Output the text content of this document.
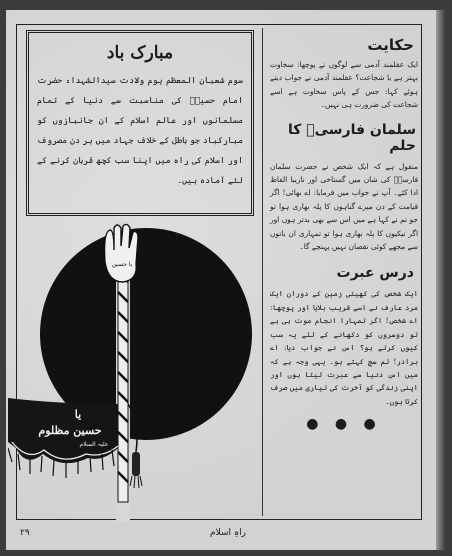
مبارک باد
سوم شعبان المعظم یوم ولادت سیدالشہداء حضرت امام حسینؑ کی مناسبت سے دنیا کے تمام مسلمانوں اور عالم اسلام کے ان جانبازوں کو مبارکباد جو باطل کے خلاف جہاد میں ہر دن مصروف اور اسلام کی راہ میں اپنا سب کچھ قربان کرنے کے لئے آمادہ ہیں۔
یا حسین
یا
حسین مظلوم
علیہ السلام
حکایت
ایک عقلمند آدمی سے لوگوں نے پوچھا: سخاوت بہتر ہے یا شجاعت؟ عقلمند آدمی نے جواب دیتے ہوئے کہا: جس کے پاس سخاوت ہے اسے شجاعت کی ضرورت ہی نہیں۔
سلمان فارسیؓ کا حلم
منقول ہے کہ ایک شخص نے حضرت سلمان فارسیؓ کی شان میں گستاخی اور نازیبا الفاظ ادا کئے۔ آپ نے جواب میں فرمایا: اے بھائی! اگر قیامت کے دن میرے گناہوں کا پلہ بھاری ہوا تو جو تم نے کہا ہے میں اس سے بھی بدتر ہوں اور اگر نیکیوں کا پلہ بھاری ہوا تو تمہاری ان باتوں سے مجھے کوئی نقصان نہیں پہنچے گا۔
درس عبرت
ایک شخص کی کھیتی زمین کے دوران ایک مرد عارف نے اسے قریب بلایا اور پوچھا: اے شخص! اگر تمہارا انجام موت ہی ہے تو دوسروں کو دکھانے کے لئے یہ سب کیوں کرتے ہو؟ اس نے جواب دیا: اے برادر! تم سچ کہتے ہو۔ یہی وجہ ہے کہ میں اس دنیا سے عبرت لیتا ہوں اور اپنی زندگی کو آخرت کی تیاری میں صرف کرتا ہوں۔
● ● ●
۲۹	راہِ اسلام
